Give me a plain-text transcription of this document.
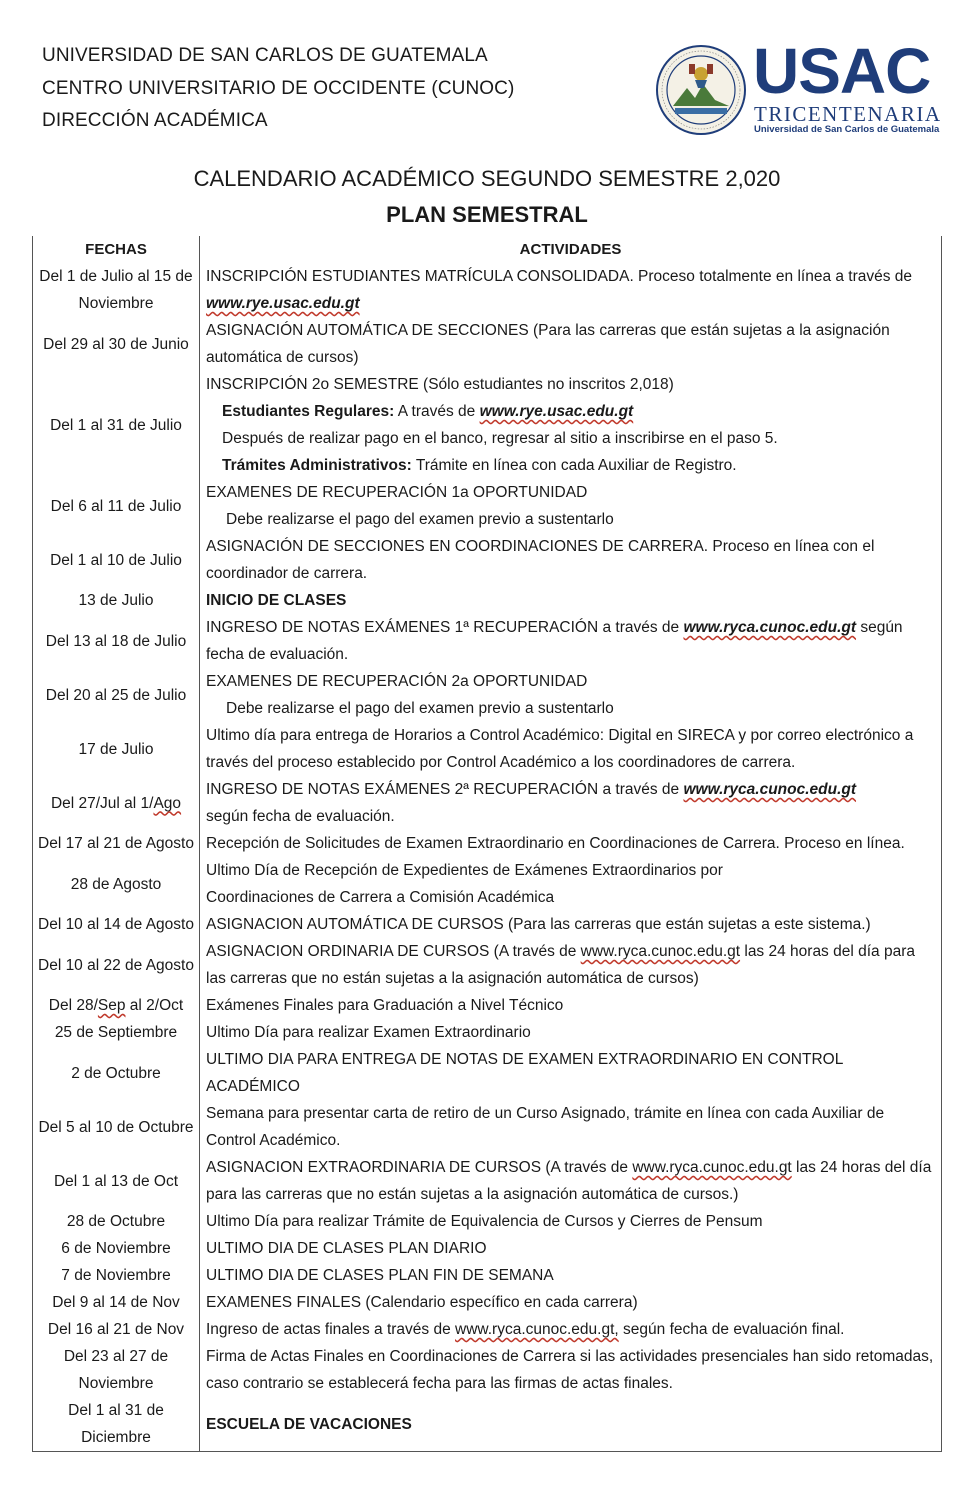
UNIVERSIDAD DE SAN CARLOS DE GUATEMALA
CENTRO UNIVERSITARIO DE OCCIDENTE (CUNOC)
DIRECCIÓN ACADÉMICA
USAC
TRICENTENARIA
Universidad de San Carlos de Guatemala
CALENDARIO ACADÉMICO SEGUNDO SEMESTRE 2,020
PLAN SEMESTRAL
FECHAS	ACTIVIDADES
Del 1 de Julio al 15 de Noviembre	INSCRIPCIÓN ESTUDIANTES MATRÍCULA CONSOLIDADA. Proceso totalmente en línea a través de
www.rye.usac.edu.gt
Del 29 al 30 de Junio	ASIGNACIÓN AUTOMÁTICA DE SECCIONES (Para las carreras que están sujetas a la asignación automática de cursos)
Del 1 al 31 de Julio	INSCRIPCIÓN 2o SEMESTRE (Sólo estudiantes no inscritos 2,018)
Estudiantes Regulares: A través de www.rye.usac.edu.gt
Después de realizar pago en el banco, regresar al sitio a inscribirse en el paso 5.
Trámites Administrativos: Trámite en línea con cada Auxiliar de Registro.

Del 6 al 11 de Julio	EXAMENES DE RECUPERACIÓN 1a OPORTUNIDAD
Debe realizarse el pago del examen previo a sustentarlo

Del 1 al 10 de Julio	ASIGNACIÓN DE SECCIONES EN COORDINACIONES DE CARRERA. Proceso en línea con el coordinador de carrera.
13 de Julio	INICIO DE CLASES
Del 13 al 18 de Julio	INGRESO DE NOTAS EXÁMENES 1ª RECUPERACIÓN a través de www.ryca.cunoc.edu.gt según fecha de evaluación.
Del 20 al 25 de Julio	EXAMENES DE RECUPERACIÓN 2a OPORTUNIDAD
Debe realizarse el pago del examen previo a sustentarlo

17 de Julio	Ultimo día para entrega de Horarios a Control Académico: Digital en SIRECA y por correo electrónico a través del proceso establecido por Control Académico a los coordinadores de carrera.
Del 27/Jul al 1/Ago	INGRESO DE NOTAS EXÁMENES 2ª RECUPERACIÓN a través de www.ryca.cunoc.edu.gt
según fecha de evaluación.
Del 17 al 21 de Agosto	Recepción de Solicitudes de Examen Extraordinario en Coordinaciones de Carrera. Proceso en línea.
28 de Agosto	Ultimo Día de Recepción de Expedientes de Exámenes Extraordinarios por
Coordinaciones de Carrera a Comisión Académica

Del 10 al 14 de Agosto	ASIGNACION AUTOMÁTICA DE CURSOS (Para las carreras que están sujetas a este sistema.)
Del 10 al 22 de Agosto	ASIGNACION ORDINARIA DE CURSOS (A través de www.ryca.cunoc.edu.gt las 24 horas del día para las carreras que no están sujetas a la asignación automática de cursos)
Del 28/Sep al 2/Oct	Exámenes Finales para Graduación a Nivel Técnico
25 de Septiembre	Ultimo Día para realizar Examen Extraordinario
2 de Octubre	ULTIMO DIA PARA ENTREGA DE NOTAS DE EXAMEN EXTRAORDINARIO EN CONTROL ACADÉMICO
Del 5 al 10 de Octubre	Semana para presentar carta de retiro de un Curso Asignado, trámite en línea con cada Auxiliar de Control Académico.
Del 1 al 13 de Oct	ASIGNACION EXTRAORDINARIA DE CURSOS (A través de www.ryca.cunoc.edu.gt las 24 horas del día para las carreras que no están sujetas a la asignación automática de cursos.)
28 de Octubre	Ultimo Día para realizar Trámite de Equivalencia de Cursos y Cierres de Pensum
6 de Noviembre	ULTIMO DIA DE CLASES PLAN DIARIO
7 de Noviembre	ULTIMO DIA DE CLASES PLAN FIN DE SEMANA
Del 9 al 14 de Nov	EXAMENES FINALES (Calendario específico en cada carrera)
Del 16 al 21 de Nov	Ingreso de actas finales a través de www.ryca.cunoc.edu.gt, según fecha de evaluación final.
Del 23 al 27 de Noviembre	Firma de Actas Finales en Coordinaciones de Carrera si las actividades presenciales han sido retomadas, caso contrario se establecerá fecha para las firmas de actas finales.
Del 1 al 31 de Diciembre	ESCUELA DE VACACIONES
